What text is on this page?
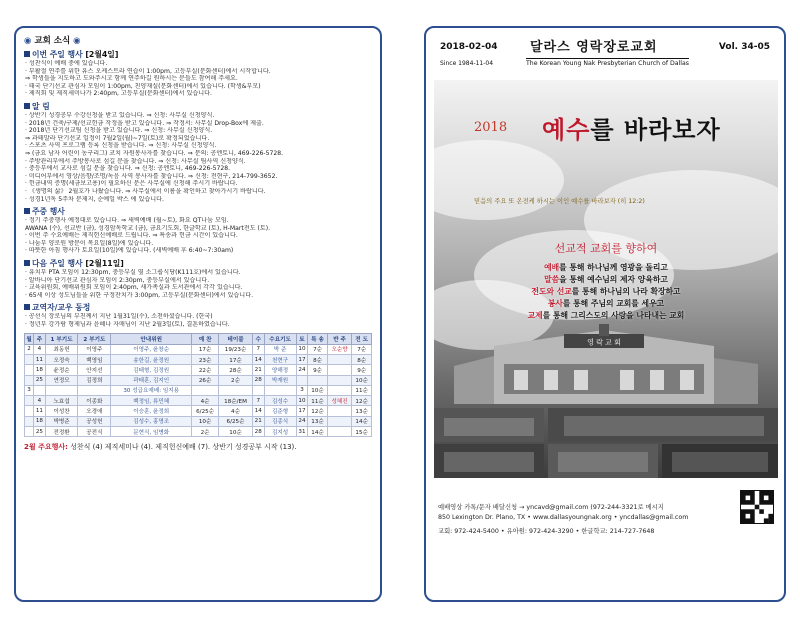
◉ 교회 소식 ◉
이번 주일 행사 [2월4일]
· 성찬식이 예배 중에 있습니다.
· 부활절 연주를 위한 유스 오케스트라 연습이 1:00pm, 고등부실(문화센터)에서 시작합니다.
⇒ 학생들을 지도하고 도와주시고 함께 연주하길 원하시는 분들도 참여해 주세요.
· 태국 단기선교 관심자 모임이 1:00pm, 친양재실(문화센터)에서 있습니다. (학생&부모)
· 제직회 및 제직세미나가 2:40pm, 고등부실(문화센터)에서 있습니다.
알 림
· 상반기 성경공부 수강신청을 받고 있습니다. ⇒ 신청: 사무실 신청양식.
· 2018년 건축/구제/선교헌금 작정을 받고 있습니다. ⇒ 작정서: 사무실 Drop-Box에 제출.
· 2018년 단기선교팀 신청을 받고 있습니다. ⇒ 신청: 사무실 신청양식.
⇒ 과테말라 단기선교 일정이 7월2일(월)~7일(토)로 확정되었습니다.
· 스포츠 사역 프로그램 등록 신청을 받습니다. ⇒ 신청: 사무실 신청양식.
⇒ (금요 남자 어린이 농구리그) 코치 자원봉사자를 찾습니다. ⇒ 문의: 공엔토니, 469-226-5728.
· 주방관리부에서 주방봉사로 섬길 분을 찾습니다. ⇒ 신청: 사무실 팀사역 신청양식.
· 중등부에서 교사로 섬길 분을 찾습니다. ⇒ 신청: 공엔토니, 469-226-5728.
· 미디어부에서 영상/음향/조명/녹음 사역 봉사자를 찾습니다. ⇒ 신청: 전현구, 214-799-3652.
· 헌금내역 증명(세금보고용)이 필요하신 분은 사무실에 신청해 주시기 바랍니다.
· 《생명의 삶》 2월호가 나왔습니다. ⇒ 사무실에서 이름을 확인하고 찾아가시기 바랍니다.
· 성경1년독 5주차 문제지, 순예일 박스 에 있습니다.
주중 행사
· 정기 주중행사 예정대로 있습니다. ⇒ 새벽예배 (월~토), 화요 QT나눔 모임.
AWANA (수), 선교반 (금), 성경암독학교 (금), 금요기도회, 한글학교 (토), H-Mart전도 (토).
· 이번 주 수요예배는 제직헌신예배로 드립니다. ⇒ 특송과 헌금 시간이 있습니다.
· 나눔부 양로원 방문이 목요일(8일)에 있습니다.
· 따뜻한 아침 행사가 토요일(10일)에 있습니다. (새벽예배 후 6:40~7:30am)
다음 주일 행사 [2월11일]
· 유치부 PTA 모임이 12:30pm, 중등부실 옆 소그룹식당(K111호)에서 있습니다.
· 알바니아 단기선교 관심자 모임이 2:30pm, 중등부실에서 있습니다.
· 교육위원회, 예배위원회 모임이 2:40pm, 새가족실과 도서관에서 각각 있습니다.
· 65세 이상 성도님들을 위한 구정잔치가 3:00pm, 고등부실(문화센터)에서 있습니다.
교역자/교우 동정
· 공선식 장로님의 부친께서 지난 1월31일(수), 소천하셨습니다. (한국)
· 정년부 강가람 형제님과 윤혜나 자매님이 지난 2월3일(토), 결혼하였습니다.
월	주	1 부기도	2 부기도	안내위원	예 찬	테이블	수	수요기도	토	특 송	반 주	전 도
2	4	최동헌	이영주	이영주, 윤창순	17순	19/23순	7	박 준	10	7순	오순향	7순
	11	오정숙	백영임	송한길, 윤정원	23순	17순	14	천현구	17	8순		8순
	18	윤정순	안지선	김태형, 김정원	22순	28순	21	양해정	24	9순		9순
	25	연정모	김정희	곽태훈, 김지인	26순	2순	28	박재원				10순
3				30 성급요예배: 임지용					3	10순		11순
	4	노효섭	이종화	백정임, 류민혜	4순	18순/EM	7	김성수	10	11순	성혜진	12순
	11	이성찬	오경애	이승훈, 윤정희	6/25순	4순	14	김준형	17	12순		13순
	18	박병준	공성헌	김성수, 홍명조	10순	6/25순	21	김종식	24	13순		14순
	25	전정환	공전식	문현식, 임병화	2순	10순	28	김지성	31	14순		15순
2월 주요행사: 성찬식 (4) 제직세미나 (4). 제직헌신예배 (7). 상반기 성경공부 시작 (13).
2018-02-04
Since 1984-11-04
달라스 영락장로교회
The Korean Young Nak Presbyterian Church of Dallas
Vol. 34-05
2018 예수를 바라보자
믿음의 주요 또 온전케 하시는 이인 예수를 바라보자 (히 12:2)
선교적 교회를 향하여
예배를 통해 하나님께 영광을 돌리고
말씀을 통해 예수님의 제자 양육하고
전도와 선교를 통해 하나님의 나라 확장하고
봉사를 통해 주님의 교회를 세우고
교제를 통해 그리스도의 사랑을 나타내는 교회
영 락 교 회
예배영상 카톡/문자 배달신청 → yncavd@gmail.com (972-244-3321로 메시지
850 Lexington Dr. Plano, TX • www.dallasyoungnak.org • yncdallas@gmail.com
교회: 972-424-5400 • 유아원: 972-424-3290 • 한글학교: 214-727-7648
